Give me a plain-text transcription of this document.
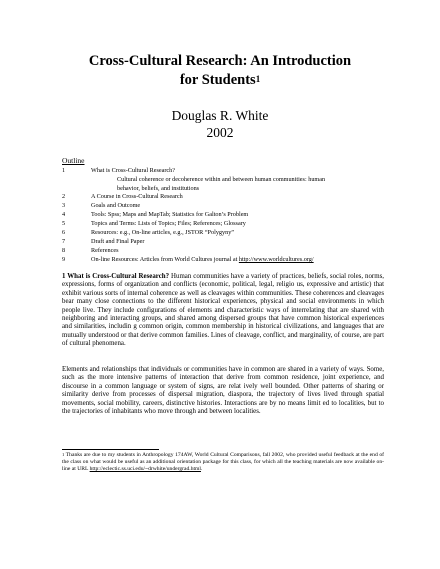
Cross-Cultural Research: An Introduction
for Students$^1$
Douglas R. White
2002
Outline
1	What is Cross-Cultural Research?
Cultural coherence or decoherence within and between human communities: human
behavior, beliefs, and institutions
2	A Course in Cross-Cultural Research
3	Goals and Outcome
4	Tools: Spss; Maps and MapTab; Statistics for Galton’s Problem
5	Topics and Terms: Lists of Topics; Files; References; Glossary
6	Resources: e.g., On-line articles, e.g., JSTOR “Polygyny”
7	Draft and Final Paper
8	References
9	On-line Resources: Articles from World Cultures journal at http://www.worldcultures.org/
1 What is Cross-Cultural Research? Human communities have a variety of practices, beliefs, social roles, norms, expressions, forms of organization and conflicts (economic, political, legal, religio us, expressive and artistic) that exhibit various sorts of internal coherence as well as cleavages within communities. These coherences and cleavages bear many close connections to the different historical experiences, physical and social environments in which people live. They include configurations of elements and characteristic ways of interrelating that are shared with neighboring and interacting groups, and shared among dispersed groups that have common historical experiences and similarities, includin g common origin, common membership in historical civilizations, and languages that are mutually understood or that derive common families. Lines of cleavage, conflict, and marginality, of course, are part of cultural phenomena.
Elements and relationships that individuals or communities have in common are shared in a variety of ways. Some, such as the more intensive patterns of interaction that derive from common residence, joint experience, and discourse in a common language or system of signs, are relat ively well bounded. Other patterns of sharing or similarity derive from processes of dispersal migration, diaspora, the trajectory of lives lived through spatial movements, social mobility, careers, distinctive histories. Interactions are by no means limit ed to localities, but to the trajectories of inhabitants who move through and between localities.
$^1$ Thanks are due to my students in Anthropology 174AW, World Cultural Comparisons, fall 2002, who provided useful feedback at the end of the class on what would be useful as an additional orientation package for this class, for which all the teaching materials are now available on-line at URL http://eclectic.ss.uci.edu/~drwhite/undergrad.html.
